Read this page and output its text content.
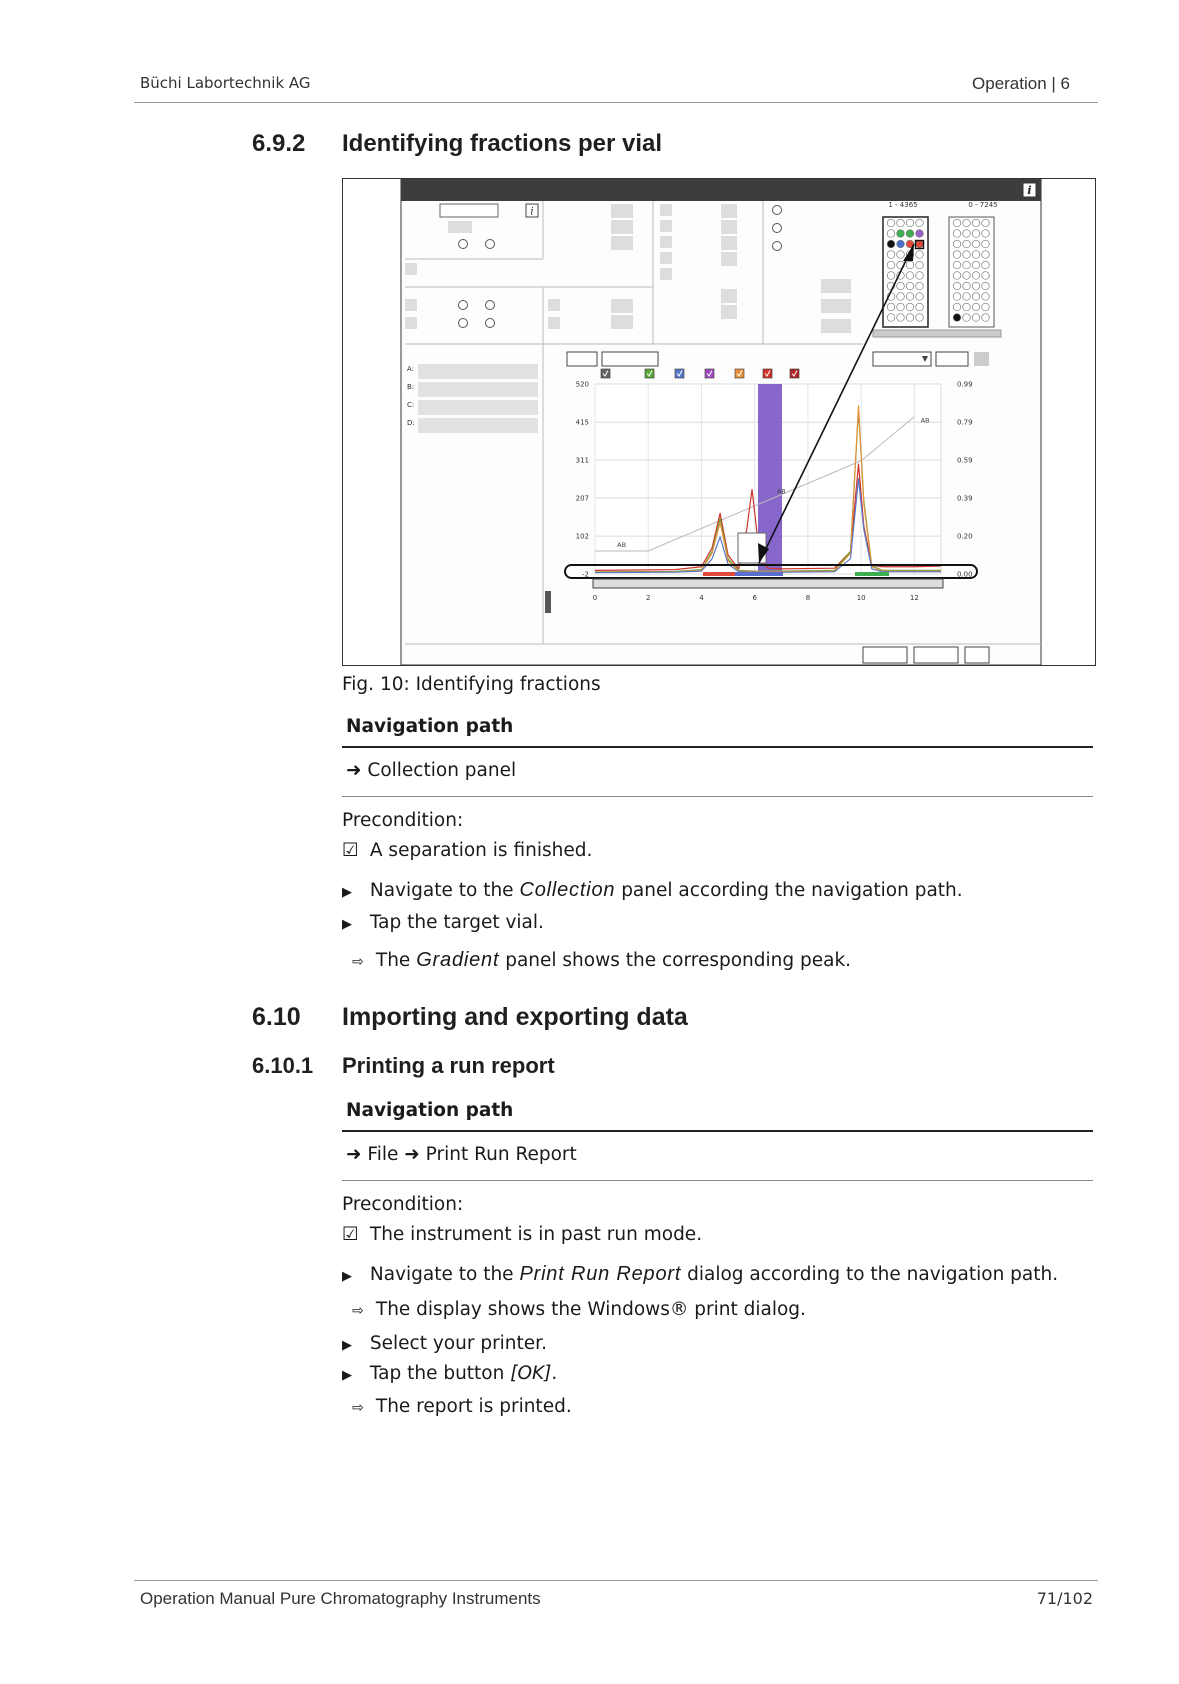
Büchi Labortechnik AG	Operation | 6
6.9.2 Identifying fractions per vial
i
i
1 - 4365	0 - 7245
A:
B:
C:
D:
520
415
311
207
102
-2
0.99
0.79
0.59
0.39
0.20
0.00
0	2	4	6	8	10	12
AB
AB
AB
Fig. 10: Identifying fractions
Navigation path
➜ Collection panel
Precondition:
☑ A separation is finished.
▶ Navigate to the Collection panel according the navigation path.
▶ Tap the target vial.
⇨ The Gradient panel shows the corresponding peak.
6.10 Importing and exporting data
6.10.1 Printing a run report
Navigation path
➜ File ➜ Print Run Report
Precondition:
☑ The instrument is in past run mode.
▶ Navigate to the Print Run Report dialog according to the navigation path.
⇨ The display shows the Windows® print dialog.
▶ Select your printer.
▶ Tap the button [OK].
⇨ The report is printed.
Operation Manual Pure Chromatography Instruments	71/102
